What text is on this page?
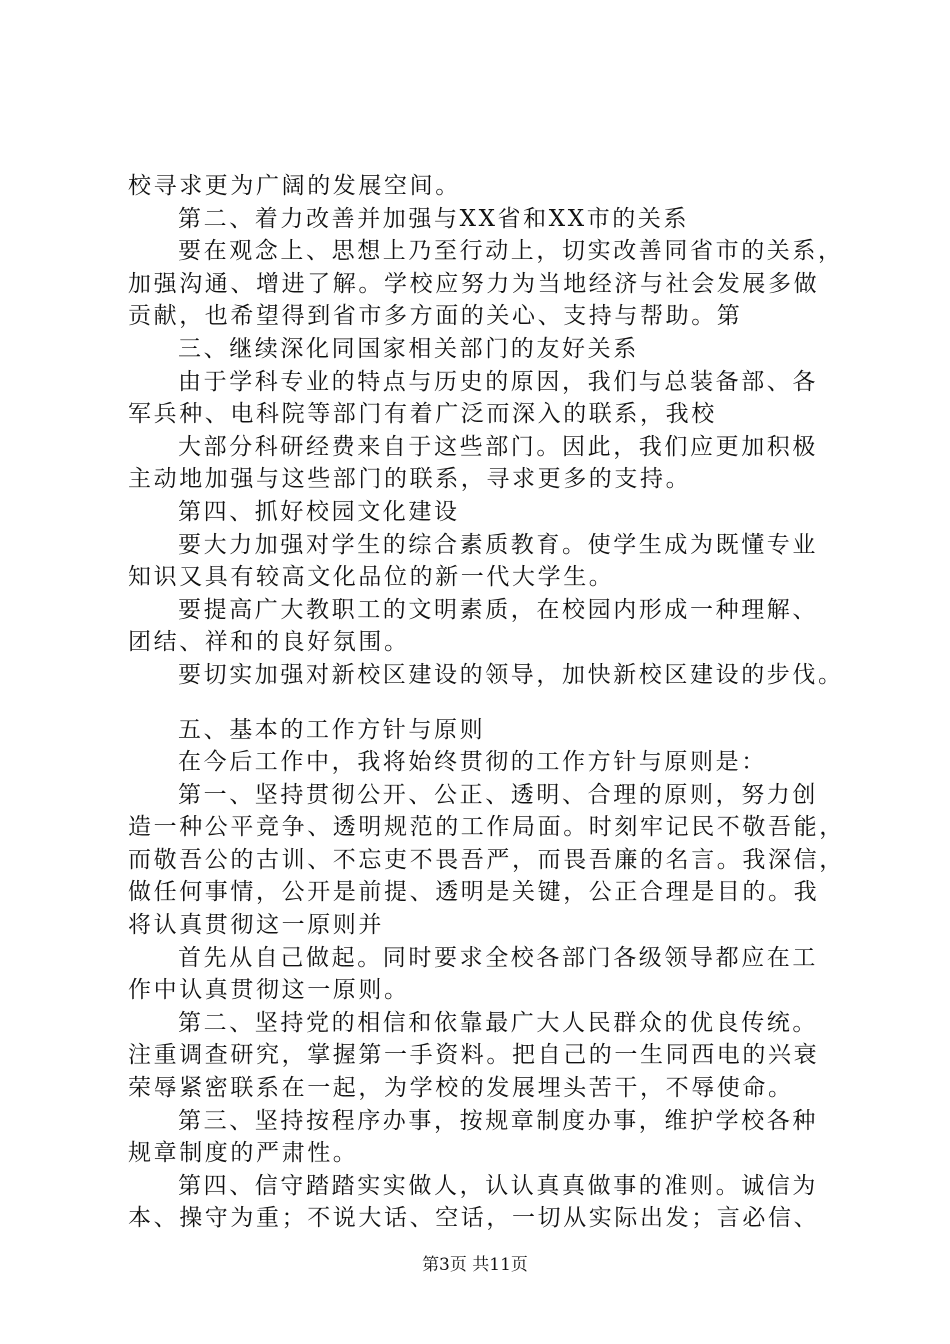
校寻求更为广阔的发展空间。
第二、着力改善并加强与XX省和XX市的关系
要在观念上、思想上乃至行动上，切实改善同省市的关系，
加强沟通、增进了解。学校应努力为当地经济与社会发展多做
贡献，也希望得到省市多方面的关心、支持与帮助。第
三、继续深化同国家相关部门的友好关系
由于学科专业的特点与历史的原因，我们与总装备部、各
军兵种、电科院等部门有着广泛而深入的联系，我校
大部分科研经费来自于这些部门。因此，我们应更加积极
主动地加强与这些部门的联系，寻求更多的支持。
第四、抓好校园文化建设
要大力加强对学生的综合素质教育。使学生成为既懂专业
知识又具有较高文化品位的新一代大学生。
要提高广大教职工的文明素质，在校园内形成一种理解、
团结、祥和的良好氛围。
要切实加强对新校区建设的领导，加快新校区建设的步伐。
五、基本的工作方针与原则
在今后工作中，我将始终贯彻的工作方针与原则是：
第一、坚持贯彻公开、公正、透明、合理的原则，努力创
造一种公平竞争、透明规范的工作局面。时刻牢记民不敬吾能，
而敬吾公的古训、不忘吏不畏吾严，而畏吾廉的名言。我深信，
做任何事情，公开是前提、透明是关键，公正合理是目的。我
将认真贯彻这一原则并
首先从自己做起。同时要求全校各部门各级领导都应在工
作中认真贯彻这一原则。
第二、坚持党的相信和依靠最广大人民群众的优良传统。
注重调查研究，掌握第一手资料。把自己的一生同西电的兴衰
荣辱紧密联系在一起，为学校的发展埋头苦干，不辱使命。
第三、坚持按程序办事，按规章制度办事，维护学校各种
规章制度的严肃性。
第四、信守踏踏实实做人，认认真真做事的准则。诚信为
本、操守为重；不说大话、空话，一切从实际出发；言必信、
第3页 共11页
